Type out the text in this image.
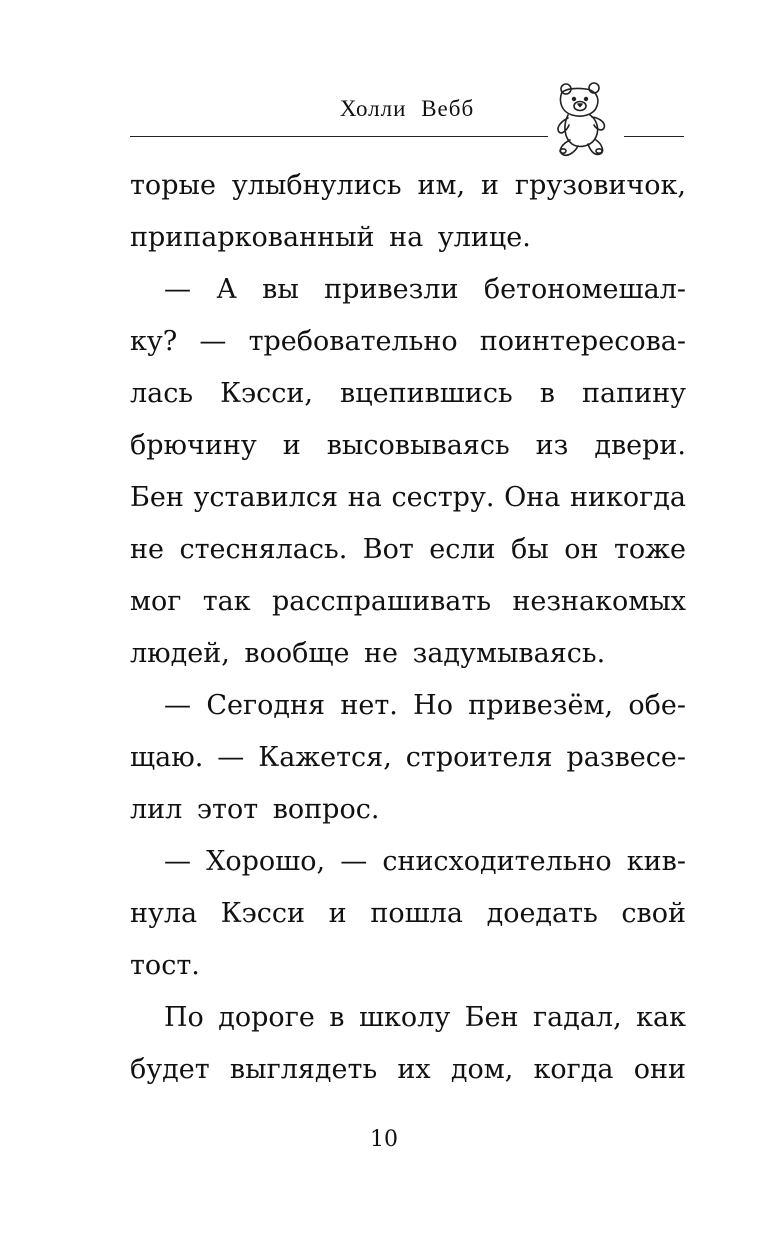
Холли Вебб
торые улыбнулись им, и грузовичок,
припаркованный на улице.
— А вы привезли бетономешал-
ку? — требовательно поинтересова-
лась Кэсси, вцепившись в папину
брючину и высовываясь из двери.
Бен уставился на сестру. Она никогда
не стеснялась. Вот если бы он тоже
мог так расспрашивать незнакомых
людей, вообще не задумываясь.
— Сегодня нет. Но привезём, обе-
щаю. — Кажется, строителя развесе-
лил этот вопрос.
— Хорошо, — снисходительно кив-
нула Кэсси и пошла доедать свой
тост.
По дороге в школу Бен гадал, как
будет выглядеть их дом, когда они
10
